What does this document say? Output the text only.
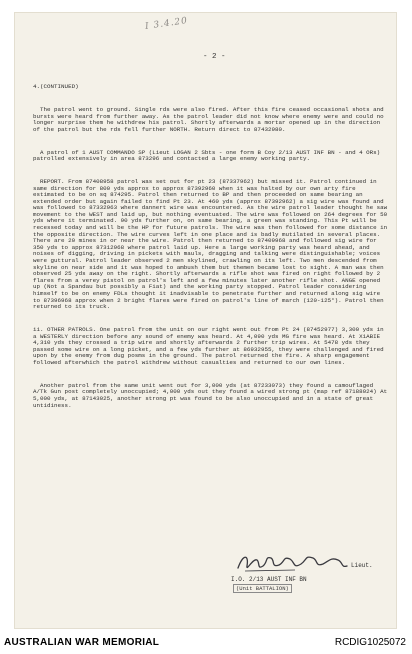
I 3.4.20
- 2 -

4.(CONTINUED)

The patrol went to ground. Single rds were also fired. After this fire ceased occasional shots and bursts were heard from further away. As the patrol leader did not know where enemy were and could no longer surprise them he withdrew his patrol. Shortly afterwards a mortar opened up in the direction of the patrol but the rds fell further NORTH. Return direct to 87432980.

A patrol of 1 AUST COMMANDO SP (Lieut LOGAN 2 Sbts - one form B Coy 2/13 AUST INF BN - and 4 ORs) patrolled extensively in area 873296 and contacted a large enemy working party.

REPORT. From 87408958 patrol was set out for pt 23 (87337962) but missed it. Patrol continued in same direction for 800 yds approx to approx 87392960 when it was halted by our own arty fire estimated to be on sq 874295. Patrol then returned to BP and then proceeded on same bearing an extended order but again failed to find Pt 23. At 460 yds (approx 87392962) a sig wire was found and was followed to 87332963 where dannert wire was encountered. As the wire patrol leader thought he saw movement to the WEST and laid up, but nothing eventuated. The wire was followed on 264 degrees for 50 yds where it terminated. 90 yds further on, on same bearing, a green was standing. This Pt will be recessed today and will be the HP for future patrols. The wire was then followed for some distance in the opposite direction. The wire curves left in one place and is badly mutilated in several places. There are 20 mines in or near the wire. Patrol then returned to 87409968 and followed sig wire for 350 yds to approx 87312968 where patrol laid up. Here a large working party was heard ahead, and noises of digging, driving in pickets with mauls, dragging and talking were distinguishable; voices were guttural. Patrol leader observed 2 men skylined, crawling on its left. Two men descended from skyline on near side and it was hoped to ambush them but themen became lost to sight. A man was then observed 25 yds away on the right. Shortly afterwards a rifle shot was fired on right followed by 2 flares from a verey pistol on patrol's left and a few minutes later another rifle shot. ANGE opened up (Not a Spandau but possibly a Fiat) and the working party stopped. Patrol leader considering himself to be on enemy FDLs thought it inadvisable to penetrate further and returned along sig wire to 87396968 approx when 2 bright flares were fired on patrol's line of march (120-125°). Patrol then returned to its truck.

ii. OTHER PATROLS. One patrol from the unit on our right went out from Pt 24 (87452977) 3,300 yds in a WESTERLY direction before any sound of enemy was heard. At 4,090 yds MG fire was heard. At X1ABIE 4,310 yds they crossed a trip wire and shortly afterwards 2 further trip wires. At 5478 yds they passed some wire on a long picket, and a few yds further at 86932955, they were challenged and fired upon by the enemy from dug posms in the ground. The patrol returned the fire. A sharp engagement followed afterwhich the patrol withdrew without casualties and returned to our own lines.

Another patrol from the same unit went out for 3,000 yds (at 87233073) they found a camouflaged A/Tk Gun post completely unoccupied; 4,000 yds out they found a wired strong pt (map ref 87188024) At 5,000 yds, at 87143025, another strong pt was found to be also unoccupied and in a state of great untidiness.

Lieut.
I.O. 2/13 AUST INF BN
(Unit BATTALION)
AUSTRALIAN WAR MEMORIAL	RCDIG1025072
